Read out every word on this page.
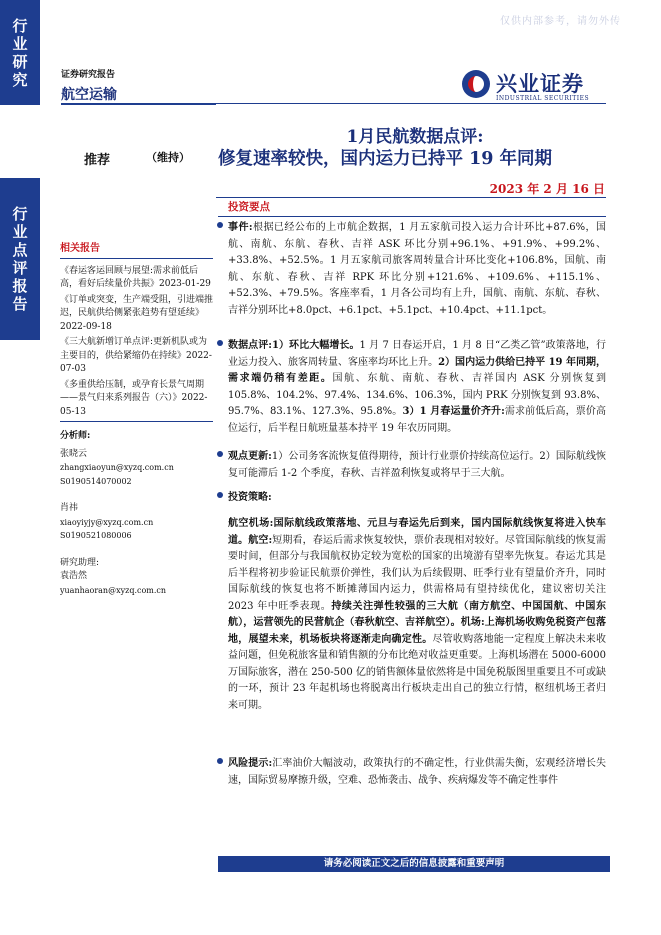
行业研究
行业点评报告
仅供内部参考，请勿外传
证券研究报告
航空运输	兴业证券
INDUSTRIAL SECURITIES
1月民航数据点评:
修复速率较快，国内运力已持平 19 年同期
推荐	（维持）
2023 年 2 月 16 日
相关报告
《春运客运回顾与展望:需求前低后高，看好后续量价共振》2023-01-29
《订单或突变，生产端受阻，引进端推迟，民航供给侧紧张趋势有望延续》2022-09-18
《三大航新增订单点评:更新机队或为主要目的，供给紧缩仍在持续》2022-07-03
《多重供给压制，或孕育长景气周期——景气归来系列报告（六）》2022-05-13
分析师:
张晓云
zhangxiaoyun@xyzq.com.cn
S0190514070002
肖祎
xiaoyiyjy@xyzq.com.cn
S0190521080006
研究助理:
袁浩然
yuanhaoran@xyzq.com.cn
投资要点
事件:根据已经公布的上市航企数据，1 月五家航司投入运力合计环比+87.6%，国航、南航、东航、春秋、吉祥 ASK 环比分别+96.1%、+91.9%、+99.2%、+33.8%、+52.5%。1 月五家航司旅客周转量合计环比变化+106.8%，国航、南航、东航、春秋、吉祥 RPK 环比分别+121.6%、+109.6%、+115.1%、+52.3%、+79.5%。客座率看，1 月各公司均有上升，国航、南航、东航、春秋、吉祥分别环比+8.0pct、+6.1pct、+5.1pct、+10.4pct、+11.1pct。
数据点评:1）环比大幅增长。1 月 7 日春运开启，1 月 8 日“乙类乙管”政策落地，行业运力投入、旅客周转量、客座率均环比上升。2）国内运力供给已持平 19 年同期，需求端仍稍有差距。国航、东航、南航、春秋、吉祥国内 ASK 分别恢复到 105.8%、104.2%、97.4%、134.6%、106.3%，国内 PRK 分别恢复到 93.8%、95.7%、83.1%、127.3%、95.8%。3）1 月春运量价齐升:需求前低后高，票价高位运行，后半程日航班量基本持平 19 年农历同期。
观点更新:1）公司务客流恢复值得期待，预计行业票价持续高位运行。2）国际航线恢复可能滞后 1-2 个季度，春秋、吉祥盈利恢复或将早于三大航。
投资策略:
航空机场:国际航线政策落地、元旦与春运先后到来，国内国际航线恢复将进入快车道。航空:短期看，春运后需求恢复较快，票价表现相对较好。尽管国际航线的恢复需要时间，但部分与我国航权协定较为宽松的国家的出境游有望率先恢复。春运尤其是后半程将初步验证民航票价弹性，我们认为后续假期、旺季行业有望量价齐升，同时国际航线的恢复也将不断摊薄国内运力，供需格局有望持续优化，建议密切关注 2023 年中旺季表现。持续关注弹性较强的三大航（南方航空、中国国航、中国东航），运营领先的民营航企（春秋航空、吉祥航空）。机场:上海机场收购免税资产包落地，展望未来，机场板块将逐渐走向确定性。尽管收购落地能一定程度上解决未来收益问题，但免税旅客量和销售额的分布比绝对收益更重要。上海机场潜在 5000-6000 万国际旅客，潜在 250-500 亿的销售额体量依然将是中国免税版图里重要且不可或缺的一环，预计 23 年起机场也将脱离出行板块走出自己的独立行情，枢纽机场王者归来可期。
风险提示:汇率油价大幅波动，政策执行的不确定性，行业供需失衡，宏观经济增长失速，国际贸易摩擦升级，空难、恐怖袭击、战争、疾病爆发等不确定性事件
请务必阅读正文之后的信息披露和重要声明
